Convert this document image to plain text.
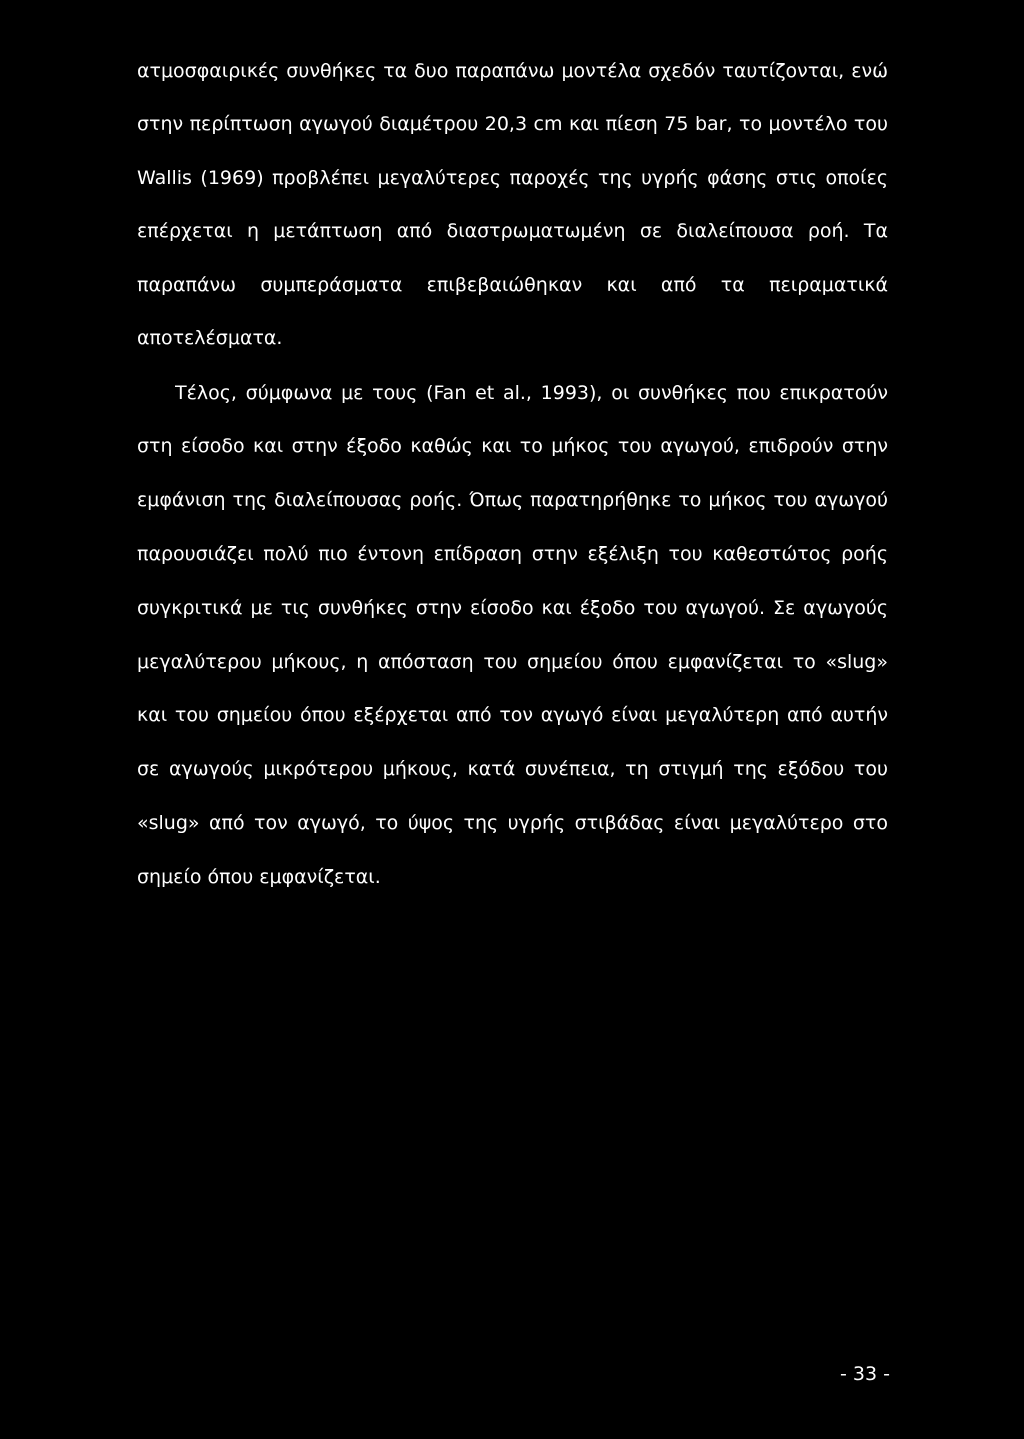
ατμοσφαιρικές συνθήκες τα δυο παραπάνω μοντέλα σχεδόν ταυτίζονται, ενώ
στην περίπτωση αγωγού διαμέτρου 20,3 cm και πίεση 75 bar, το μοντέλο του
Wallis (1969) προβλέπει μεγαλύτερες παροχές της υγρής φάσης στις οποίες
επέρχεται η μετάπτωση από διαστρωματωμένη σε διαλείπουσα ροή. Τα
παραπάνω συμπεράσματα επιβεβαιώθηκαν και από τα πειραματικά
αποτελέσματα.
Τέλος, σύμφωνα με τους (Fan et al., 1993), οι συνθήκες που επικρατούν
στη είσοδο και στην έξοδο καθώς και το μήκος του αγωγού, επιδρούν στην
εμφάνιση της διαλείπουσας ροής. Όπως παρατηρήθηκε το μήκος του αγωγού
παρουσιάζει πολύ πιο έντονη επίδραση στην εξέλιξη του καθεστώτος ροής
συγκριτικά με τις συνθήκες στην είσοδο και έξοδο του αγωγού. Σε αγωγούς
μεγαλύτερου μήκους, η απόσταση του σημείου όπου εμφανίζεται το «slug»
και του σημείου όπου εξέρχεται από τον αγωγό είναι μεγαλύτερη από αυτήν
σε αγωγούς μικρότερου μήκους, κατά συνέπεια, τη στιγμή της εξόδου του
«slug» από τον αγωγό, το ύψος της υγρής στιβάδας είναι μεγαλύτερο στο
σημείο όπου εμφανίζεται.
- 33 -
